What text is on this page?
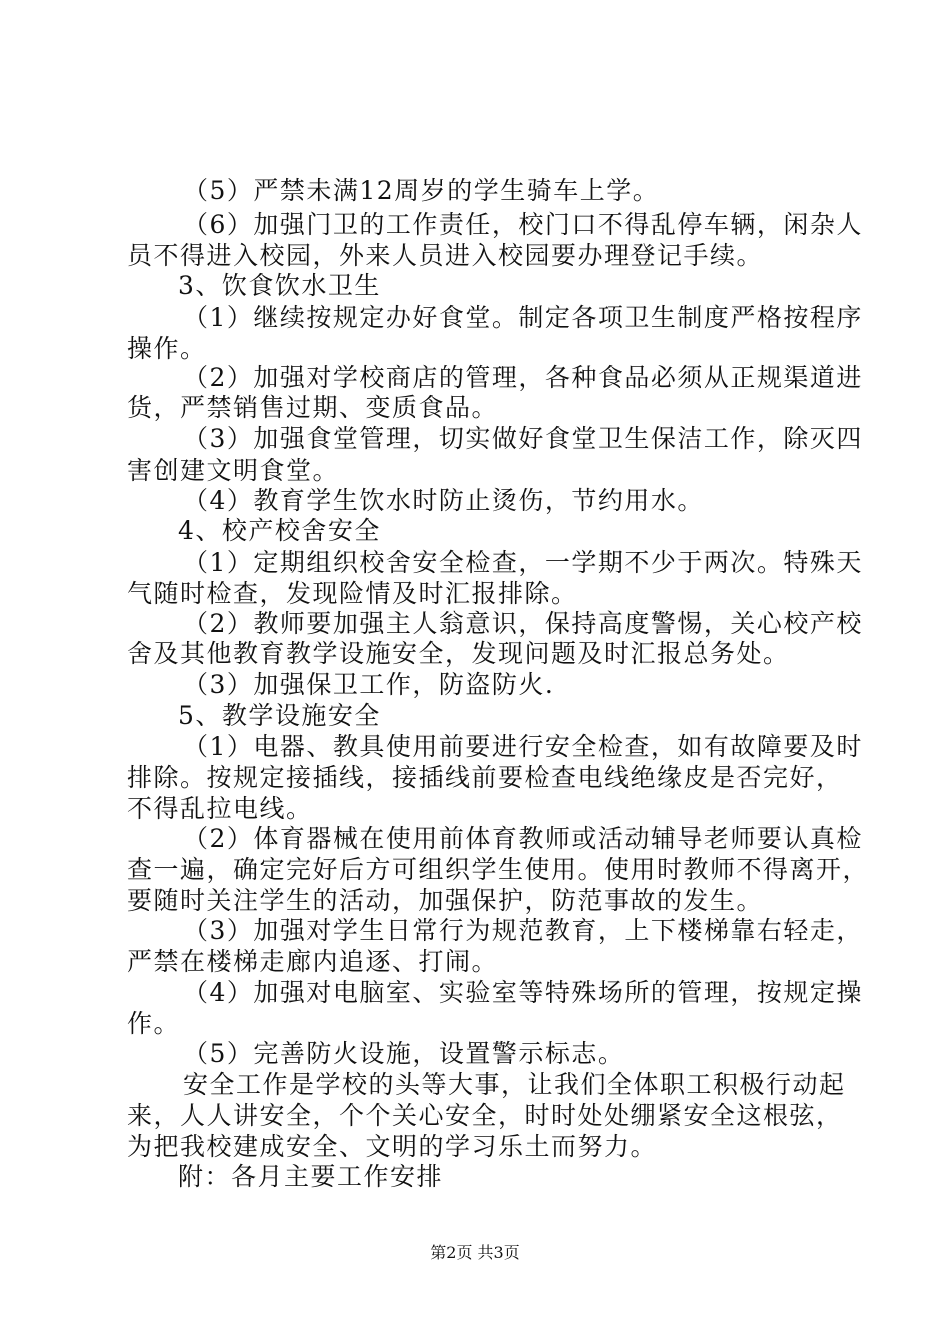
（5）严禁未满12周岁的学生骑车上学。
（6）加强门卫的工作责任，校门口不得乱停车辆，闲杂人
员不得进入校园，外来人员进入校园要办理登记手续。
3、饮食饮水卫生
（1）继续按规定办好食堂。制定各项卫生制度严格按程序
操作。
（2）加强对学校商店的管理，各种食品必须从正规渠道进
货，严禁销售过期、变质食品。
（3）加强食堂管理，切实做好食堂卫生保洁工作，除灭四
害创建文明食堂。
（4）教育学生饮水时防止烫伤，节约用水。
4、校产校舍安全
（1）定期组织校舍安全检查，一学期不少于两次。特殊天
气随时检查，发现险情及时汇报排除。
（2）教师要加强主人翁意识，保持高度警惕，关心校产校
舍及其他教育教学设施安全，发现问题及时汇报总务处。
（3）加强保卫工作，防盗防火.
5、教学设施安全
（1）电器、教具使用前要进行安全检查，如有故障要及时
排除。按规定接插线，接插线前要检查电线绝缘皮是否完好，
不得乱拉电线。
（2）体育器械在使用前体育教师或活动辅导老师要认真检
查一遍，确定完好后方可组织学生使用。使用时教师不得离开，
要随时关注学生的活动，加强保护，防范事故的发生。
（3）加强对学生日常行为规范教育，上下楼梯靠右轻走，
严禁在楼梯走廊内追逐、打闹。
（4）加强对电脑室、实验室等特殊场所的管理，按规定操
作。
（5）完善防火设施，设置警示标志。
安全工作是学校的头等大事，让我们全体职工积极行动起
来，人人讲安全，个个关心安全，时时处处绷紧安全这根弦，
为把我校建成安全、文明的学习乐土而努力。
附：各月主要工作安排
第2页 共3页
